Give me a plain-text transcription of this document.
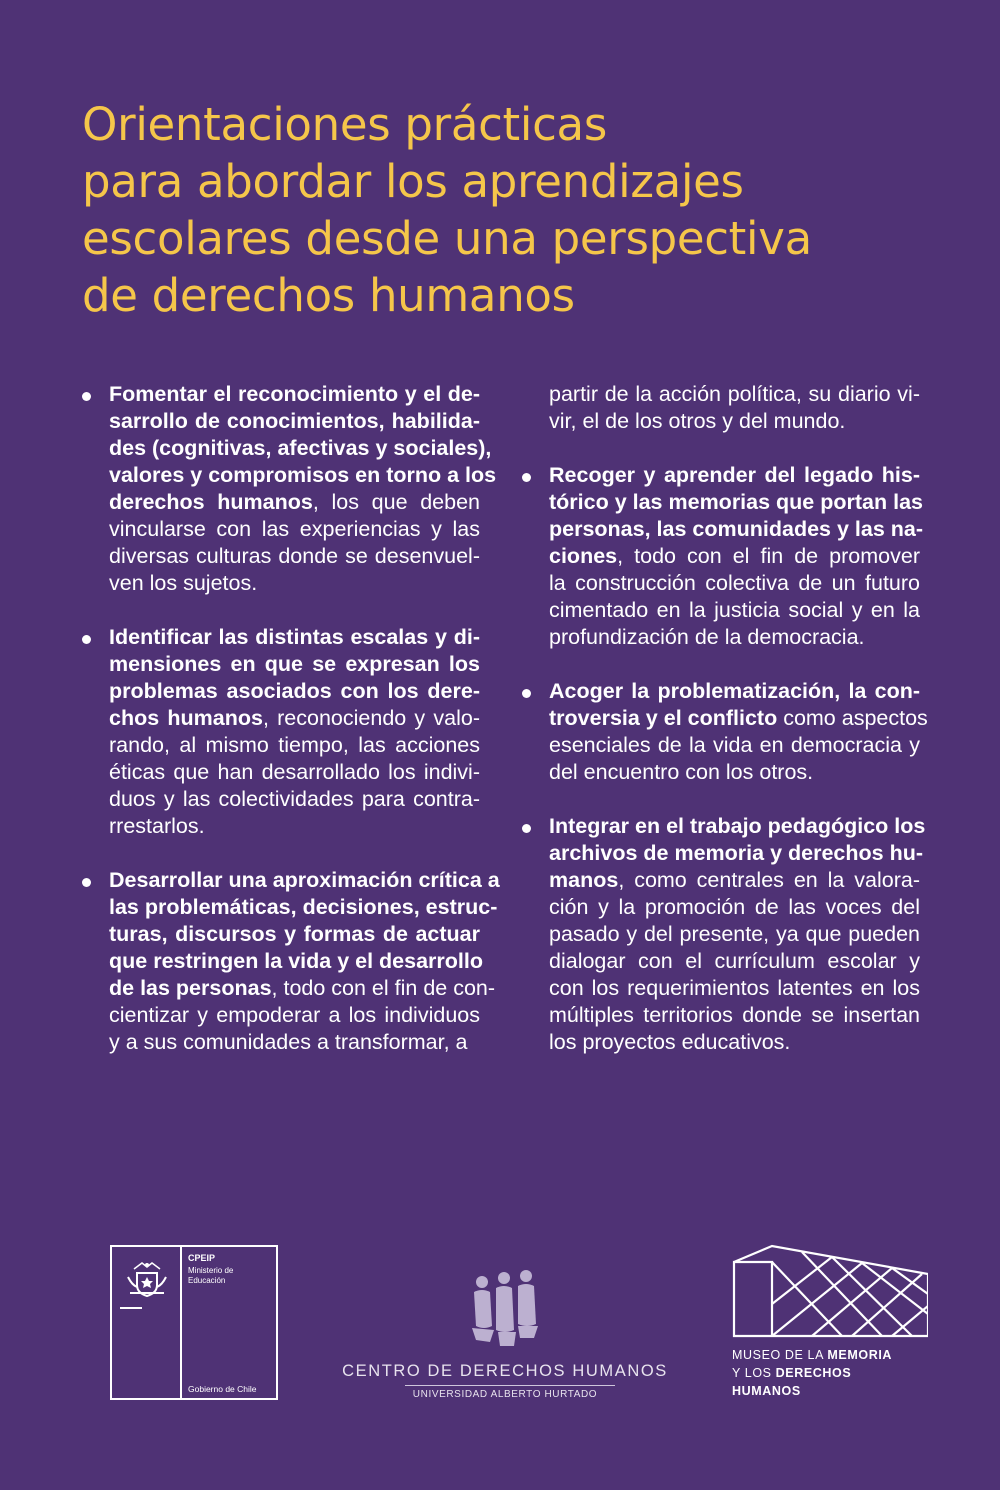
Orientaciones prácticas
para abordar los aprendizajes
escolares desde una perspectiva
de derechos humanos
Fomentar el reconocimiento y el de-
sarrollo de conocimientos, habilida-
des (cognitivas, afectivas y sociales),
valores y compromisos en torno a los
derechos humanos, los que deben
vincularse con las experiencias y las
diversas culturas donde se desenvuel-
ven los sujetos.
Identificar las distintas escalas y di-
mensiones en que se expresan los
problemas asociados con los dere-
chos humanos, reconociendo y valo-
rando, al mismo tiempo, las acciones
éticas que han desarrollado los indivi-
duos y las colectividades para contra-
rrestarlos.
Desarrollar una aproximación crítica a
las problemáticas, decisiones, estruc-
turas, discursos y formas de actuar
que restringen la vida y el desarrollo
de las personas, todo con el fin de con-
cientizar y empoderar a los individuos
y a sus comunidades a transformar, a
partir de la acción política, su diario vi-
vir, el de los otros y del mundo.
Recoger y aprender del legado his-
tórico y las memorias que portan las
personas, las comunidades y las na-
ciones, todo con el fin de promover
la construcción colectiva de un futuro
cimentado en la justicia social y en la
profundización de la democracia.
Acoger la problematización, la con-
troversia y el conflicto como aspectos
esenciales de la vida en democracia y
del encuentro con los otros.
Integrar en el trabajo pedagógico los
archivos de memoria y derechos hu-
manos, como centrales en la valora-
ción y la promoción de las voces del
pasado y del presente, ya que pueden
dialogar con el currículum escolar y
con los requerimientos latentes en los
múltiples territorios donde se insertan
los proyectos educativos.
CPEIP
Ministerio de
Educación
Gobierno de Chile
CENTRO DE DERECHOS HUMANOS
UNIVERSIDAD ALBERTO HURTADO
MUSEO DE LA MEMORIA
Y LOS DERECHOS
HUMANOS
